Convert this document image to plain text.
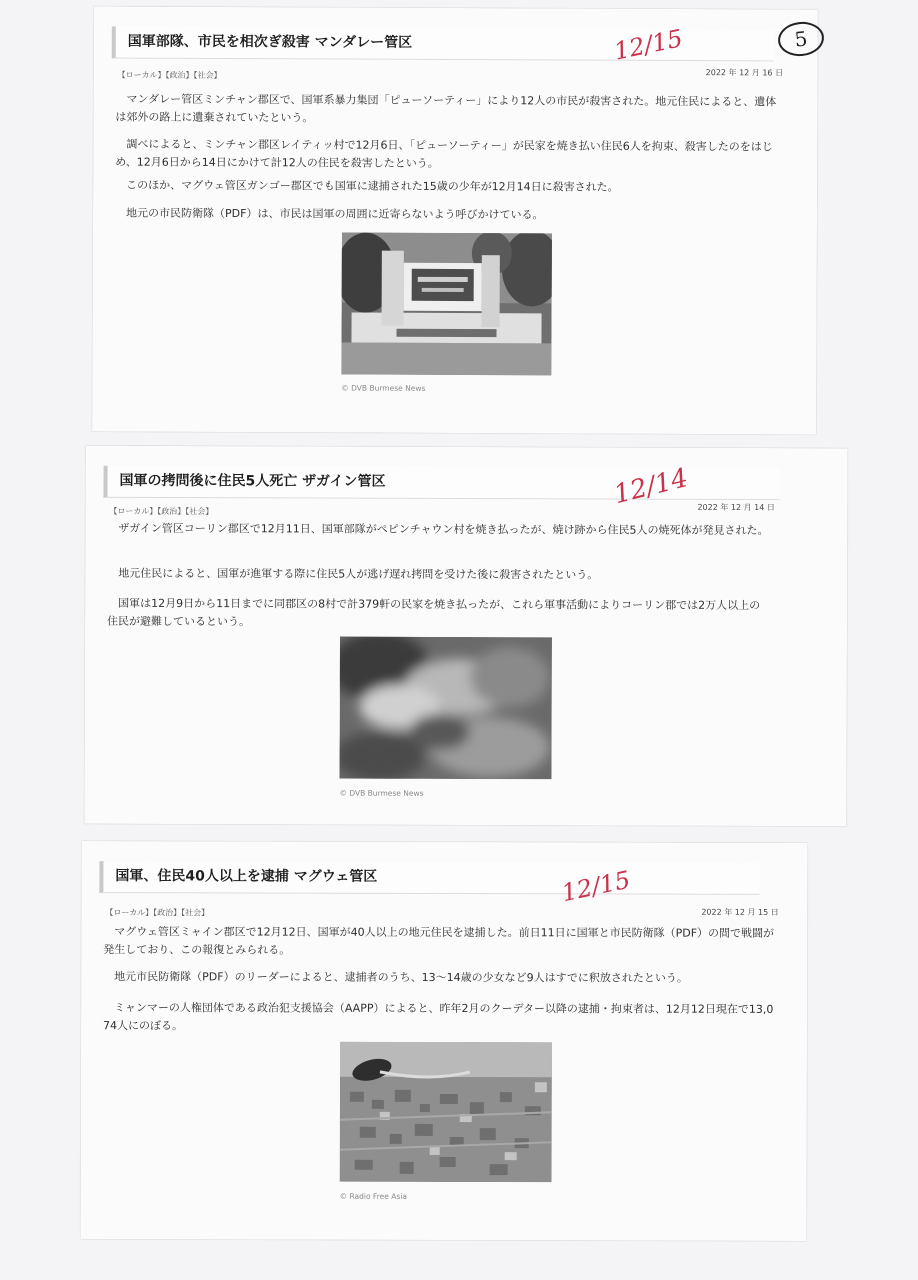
国軍部隊、市民を相次ぎ殺害 マンダレー管区
【ローカル】【政治】【社会】	2022 年 12 月 16 日

マンダレー管区ミンチャン郡区で、国軍系暴力集団「ピューソーティー」により12人の市民が殺害された。地元住民によると、遺体は郊外の路上に遺棄されていたという。

調べによると、ミンチャン郡区レイティッ村で12月6日、「ピューソーティー」が民家を焼き払い住民6人を拘束、殺害したのをはじめ、12月6日から14日にかけて計12人の住民を殺害したという。

このほか、マグウェ管区ガンゴー郡区でも国軍に逮捕された15歳の少年が12月14日に殺害された。

地元の市民防衛隊（PDF）は、市民は国軍の周囲に近寄らないよう呼びかけている。

© DVB Burmese News
12/15	5
国軍の拷問後に住民5人死亡 ザガイン管区
【ローカル】【政治】【社会】	2022 年 12 月 14 日

ザガイン管区コーリン郡区で12月11日、国軍部隊がペピンチャウン村を焼き払ったが、焼け跡から住民5人の焼死体が発見された。

地元住民によると、国軍が進軍する際に住民5人が逃げ遅れ拷問を受けた後に殺害されたという。

国軍は12月9日から11日までに同郡区の8村で計379軒の民家を焼き払ったが、これら軍事活動によりコーリン郡では2万人以上の住民が避難しているという。

© DVB Burmese News
12/14
国軍、住民40人以上を逮捕 マグウェ管区
【ローカル】【政治】【社会】	2022 年 12 月 15 日

マグウェ管区ミャイン郡区で12月12日、国軍が40人以上の地元住民を逮捕した。前日11日に国軍と市民防衛隊（PDF）の間で戦闘が発生しており、この報復とみられる。

地元市民防衛隊（PDF）のリーダーによると、逮捕者のうち、13～14歳の少女など9人はすでに釈放されたという。

ミャンマーの人権団体である政治犯支援協会（AAPP）によると、昨年2月のクーデター以降の逮捕・拘束者は、12月12日現在で13,074人にのぼる。

© Radio Free Asia
12/15
